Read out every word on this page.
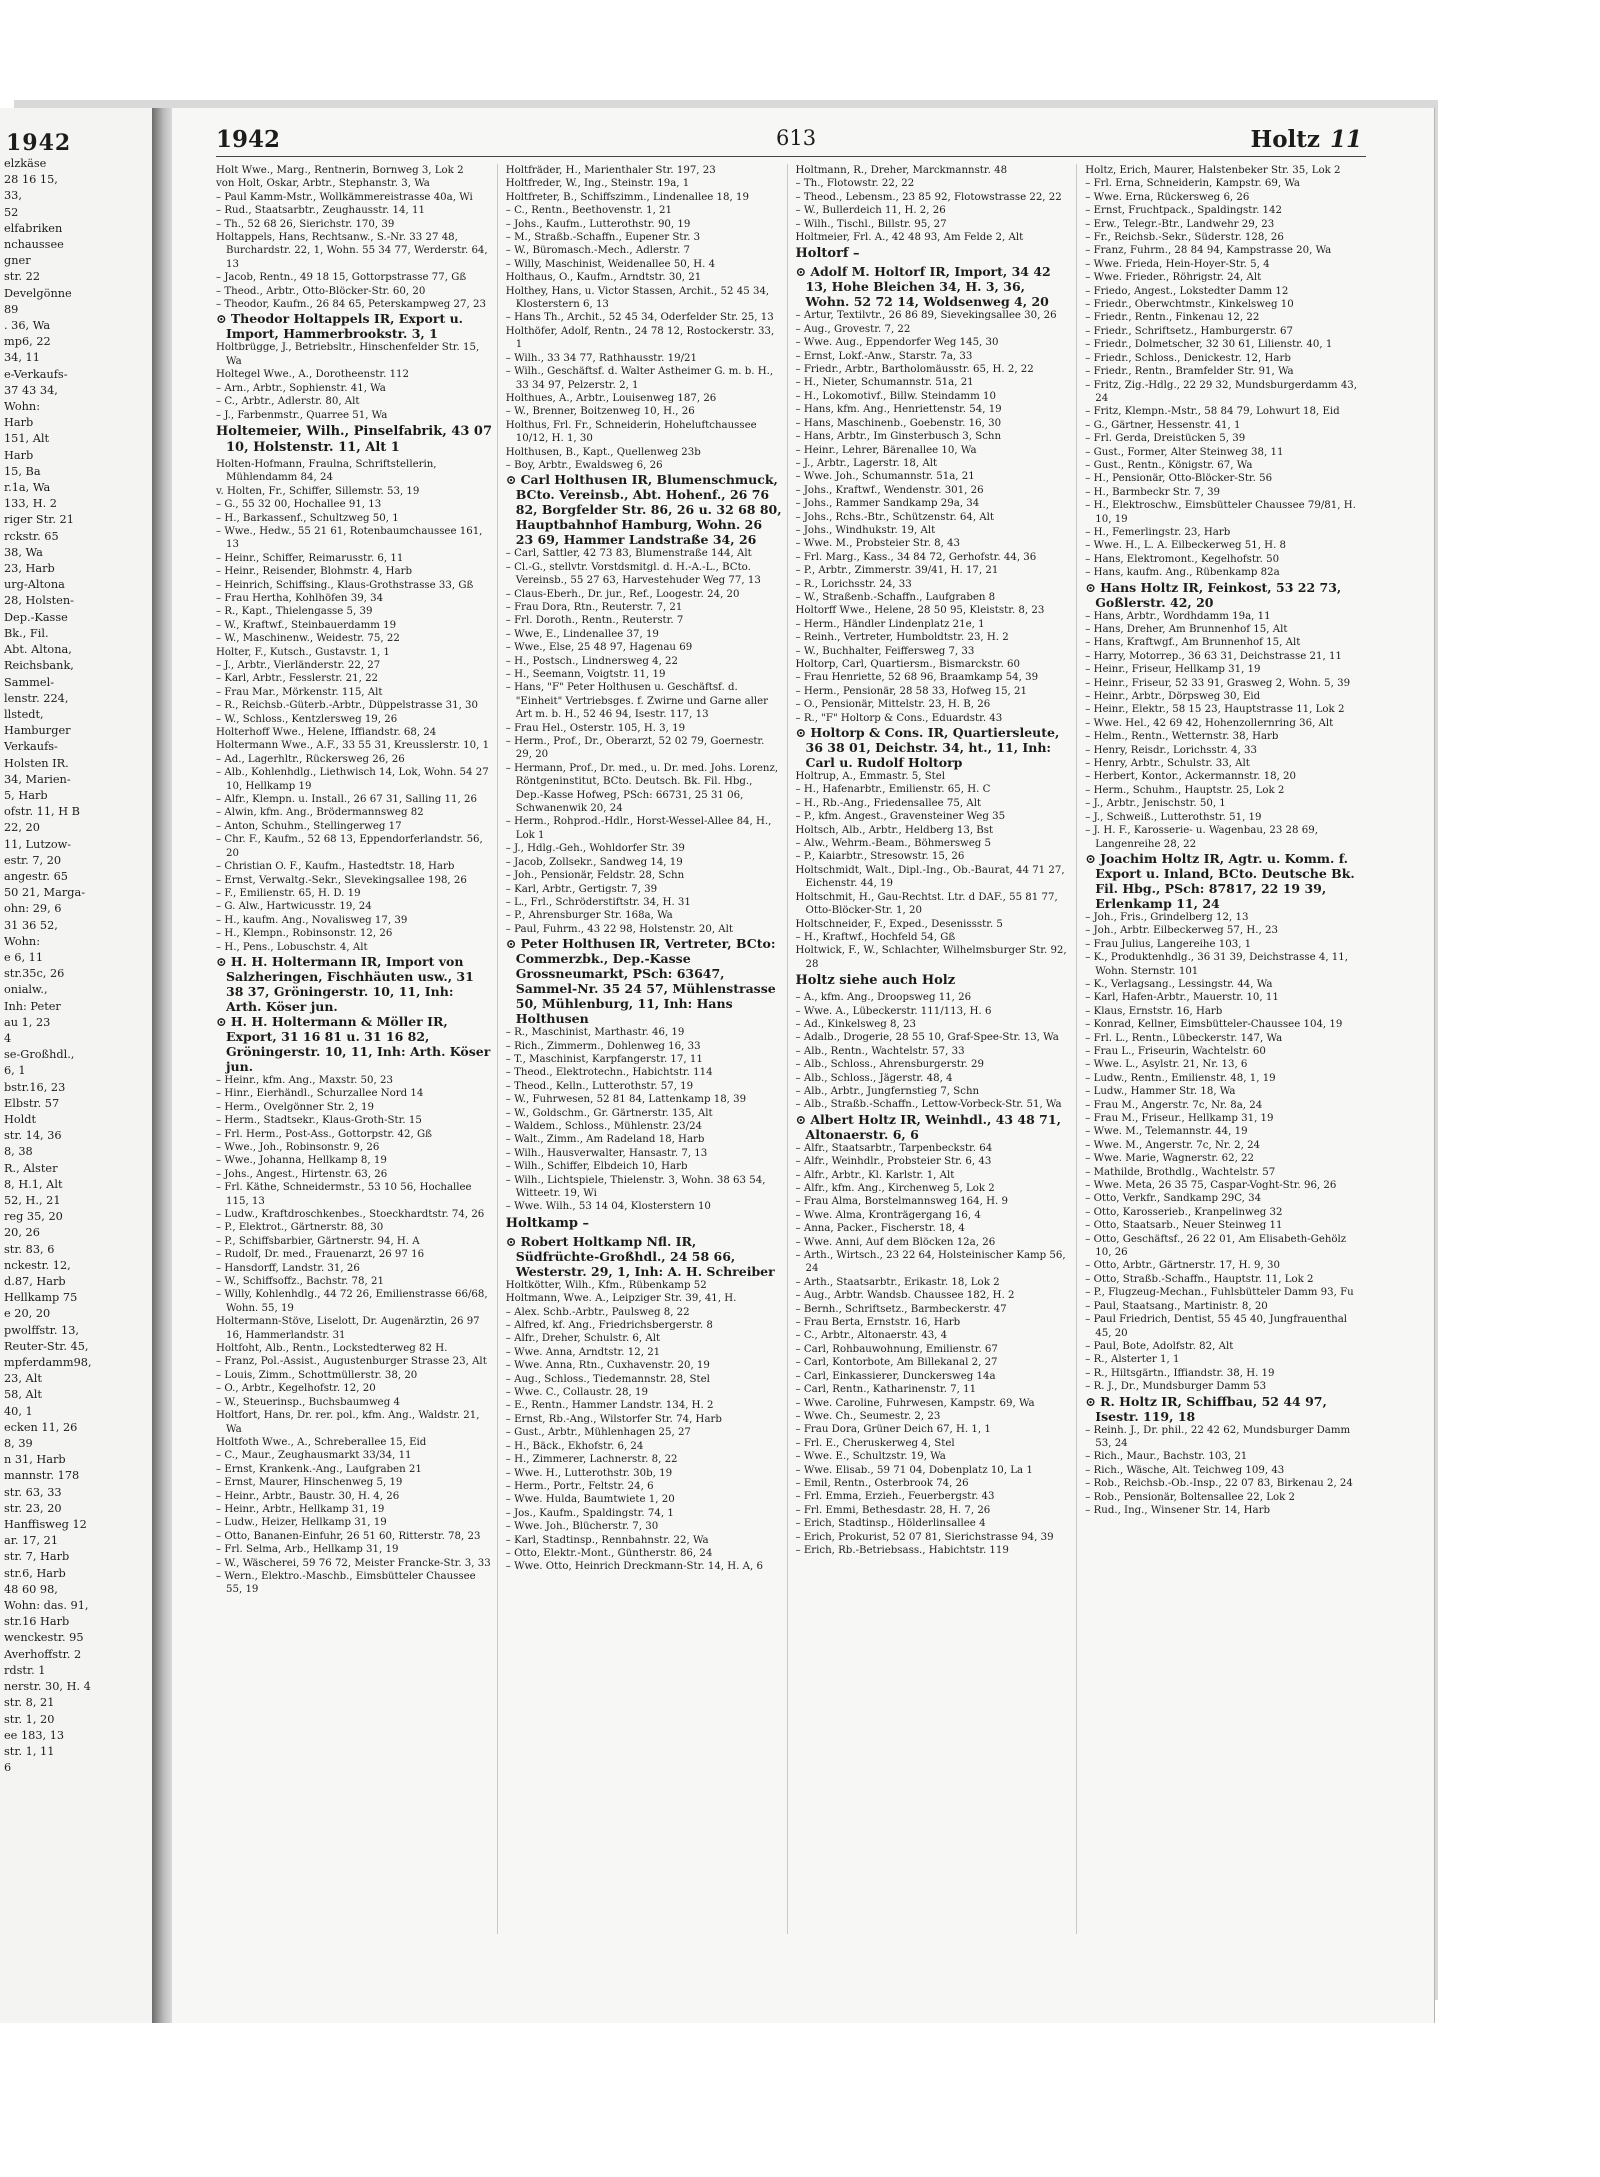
1942
elzkäse
28 16 15,
33,
52
elfabriken
nchaussee
gner
str. 22
Develgönne
89
. 36, Wa
mp6, 22
34, 11
e-Verkaufs-
37 43 34,
Wohn:
Harb
151, Alt
Harb
15, Ba
r.1a, Wa
133, H. 2
riger Str. 21
rckstr. 65
38, Wa
23, Harb
urg-Altona
28, Holsten-
Dep.-Kasse
Bk., Fil.
Abt. Altona,
Reichsbank,
Sammel-
lenstr. 224,
llstedt,
Hamburger
Verkaufs-
Holsten IR.
34, Marien-
5, Harb
ofstr. 11, H B
22, 20
11, Lutzow-
estr. 7, 20
angestr. 65
50 21, Marga-
ohn: 29, 6
31 36 52,
Wohn:
e 6, 11
str.35c, 26
onialw.,
Inh: Peter
au 1, 23
4
se-Großhdl.,
6, 1
bstr.16, 23
Elbstr. 57
Holdt
str. 14, 36
8, 38
R., Alster
8, H.1, Alt
52, H., 21
reg 35, 20
20, 26
str. 83, 6
nckestr. 12,
d.87, Harb
Hellkamp 75
e 20, 20
pwolffstr. 13,
Reuter-Str. 45,
mpferdamm98,
23, Alt
58, Alt
40, 1
ecken 11, 26
8, 39
n 31, Harb
mannstr. 178
str. 63, 33
str. 23, 20
Hanffisweg 12
ar. 17, 21
str. 7, Harb
str.6, Harb
48 60 98,
Wohn: das. 91,
str.16 Harb
wenckestr. 95
Averhoffstr. 2
rdstr. 1
nerstr. 30, H. 4
str. 8, 21
str. 1, 20
ee 183, 13
str. 1, 11
6
1942	613	Holtz 11

Holt Wwe., Marg., Rentnerin, Bornweg 3, Lok 2

von Holt, Oskar, Arbtr., Stephanstr. 3, Wa

– Paul Kamm-Mstr., Wollkämmereistrasse 40a, Wi

– Rud., Staatsarbtr., Zeughausstr. 14, 11

– Th., 52 68 26, Sierichstr. 170, 39

Holtappels, Hans, Rechtsanw., S.-Nr. 33 27 48, Burchardstr. 22, 1, Wohn. 55 34 77, Werderstr. 64, 13

– Jacob, Rentn., 49 18 15, Gottorpstrasse 77, Gß

– Theod., Arbtr., Otto-Blöcker-Str. 60, 20

– Theodor, Kaufm., 26 84 65, Peterskampweg 27, 23

⊙ Theodor Holtappels IR, Export u. Import, Hammerbrookstr. 3, 1

Holtbrügge, J., Betriebsltr., Hinschenfelder Str. 15, Wa

Holtegel Wwe., A., Dorotheenstr. 112

– Arn., Arbtr., Sophienstr. 41, Wa

– C., Arbtr., Adlerstr. 80, Alt

– J., Farbenmstr., Quarree 51, Wa

Holtemeier, Wilh., Pinselfabrik, 43 07 10, Holstenstr. 11, Alt 1

Holten-Hofmann, Fraulna, Schriftstellerin, Mühlendamm 84, 24

v. Holten, Fr., Schiffer, Sillemstr. 53, 19

– G., 55 32 00, Hochallee 91, 13

– H., Barkassenf., Schultzweg 50, 1

– Wwe., Hedw., 55 21 61, Rotenbaumchaussee 161, 13

– Heinr., Schiffer, Reimarusstr. 6, 11

– Heinr., Reisender, Blohmstr. 4, Harb

– Heinrich, Schiffsing., Klaus-Grothstrasse 33, Gß

– Frau Hertha, Kohlhöfen 39, 34

– R., Kapt., Thielengasse 5, 39

– W., Kraftwf., Steinbauerdamm 19

– W., Maschinenw., Weidestr. 75, 22

Holter, F., Kutsch., Gustavstr. 1, 1

– J., Arbtr., Vierländerstr. 22, 27

– Karl, Arbtr., Fesslerstr. 21, 22

– Frau Mar., Mörkenstr. 115, Alt

– R., Reichsb.-Güterb.-Arbtr., Düppelstrasse 31, 30

– W., Schloss., Kentzlersweg 19, 26

Holterhoff Wwe., Helene, Iffiandstr. 68, 24

Holtermann Wwe., A.F., 33 55 31, Kreusslerstr. 10, 1

– Ad., Lagerhltr., Rückersweg 26, 26

– Alb., Kohlenhdlg., Liethwisch 14, Lok, Wohn. 54 27 10, Hellkamp 19

– Alfr., Klempn. u. Install., 26 67 31, Salling 11, 26

– Alwin, kfm. Ang., Brödermannsweg 82

– Anton, Schuhm., Stellingerweg 17

– Chr. F., Kaufm., 52 68 13, Eppendorferlandstr. 56, 20

– Christian O. F., Kaufm., Hastedtstr. 18, Harb

– Ernst, Verwaltg.-Sekr., Slevekingsallee 198, 26

– F., Emilienstr. 65, H. D. 19

– G. Alw., Hartwicusstr. 19, 24

– H., kaufm. Ang., Novalisweg 17, 39

– H., Klempn., Robinsonstr. 12, 26

– H., Pens., Lobuschstr. 4, Alt

⊙ H. H. Holtermann IR, Import von Salzheringen, Fischhäuten usw., 31 38 37, Gröningerstr. 10, 11, Inh: Arth. Köser jun.

⊙ H. H. Holtermann & Möller IR, Export, 31 16 81 u. 31 16 82, Gröningerstr. 10, 11, Inh: Arth. Köser jun.

– Heinr., kfm. Ang., Maxstr. 50, 23

– Hinr., Eierhändl., Schurzallee Nord 14

– Herm., Ovelgönner Str. 2, 19

– Herm., Stadtsekr., Klaus-Groth-Str. 15

– Frl. Herm., Post-Ass., Gottorpstr. 42, Gß

– Wwe., Joh., Robinsonstr. 9, 26

– Wwe., Johanna, Hellkamp 8, 19

– Johs., Angest., Hirtenstr. 63, 26

– Frl. Käthe, Schneidermstr., 53 10 56, Hochallee 115, 13

– Ludw., Kraftdroschkenbes., Stoeckhardtstr. 74, 26

– P., Elektrot., Gärtnerstr. 88, 30

– P., Schiffsbarbier, Gärtnerstr. 94, H. A

– Rudolf, Dr. med., Frauenarzt, 26 97 16

– Hansdorff, Landstr. 31, 26

– W., Schiffsoffz., Bachstr. 78, 21

– Willy, Kohlenhdlg., 44 72 26, Emilienstrasse 66/68, Wohn. 55, 19

Holtermann-Stöve, Liselott, Dr. Augenärztin, 26 97 16, Hammerlandstr. 31

Holtfoht, Alb., Rentn., Lockstedterweg 82 H.

– Franz, Pol.-Assist., Augustenburger Strasse 23, Alt

– Louis, Zimm., Schottmüllerstr. 38, 20

– O., Arbtr., Kegelhofstr. 12, 20

– W., Steuerinsp., Buchsbaumweg 4

Holtfort, Hans, Dr. rer. pol., kfm. Ang., Waldstr. 21, Wa

Holtfoth Wwe., A., Schreberallee 15, Eid

– C., Maur., Zeughausmarkt 33/34, 11

– Ernst, Krankenk.-Ang., Laufgraben 21

– Ernst, Maurer, Hinschenweg 5, 19

– Heinr., Arbtr., Baustr. 30, H. 4, 26

– Heinr., Arbtr., Hellkamp 31, 19

– Ludw., Heizer, Hellkamp 31, 19

– Otto, Bananen-Einfuhr, 26 51 60, Ritterstr. 78, 23

– Frl. Selma, Arb., Hellkamp 31, 19

– W., Wäscherei, 59 76 72, Meister Francke-Str. 3, 33

– Wern., Elektro.-Maschb., Eimsbütteler Chaussee 55, 19

Holtfräder, H., Marienthaler Str. 197, 23

Holtfreder, W., Ing., Steinstr. 19a, 1

Holtfreter, B., Schiffszimm., Lindenallee 18, 19

– C., Rentn., Beethovenstr. 1, 21

– Johs., Kaufm., Lutterothstr. 90, 19

– M., Straßb.-Schaffn., Eupener Str. 3

– W., Büromasch.-Mech., Adlerstr. 7

– Willy, Maschinist, Weidenallee 50, H. 4

Holthaus, O., Kaufm., Arndtstr. 30, 21

Holthey, Hans, u. Victor Stassen, Archit., 52 45 34, Klosterstern 6, 13

– Hans Th., Archit., 52 45 34, Oderfelder Str. 25, 13

Holthöfer, Adolf, Rentn., 24 78 12, Rostockerstr. 33, 1

– Wilh., 33 34 77, Rathhausstr. 19/21

– Wilh., Geschäftsf. d. Walter Astheimer G. m. b. H., 33 34 97, Pelzerstr. 2, 1

Holthues, A., Arbtr., Louisenweg 187, 26

– W., Brenner, Boitzenweg 10, H., 26

Holthus, Frl. Fr., Schneiderin, Hoheluftchaussee 10/12, H. 1, 30

Holthusen, B., Kapt., Quellenweg 23b

– Boy, Arbtr., Ewaldsweg 6, 26

⊙ Carl Holthusen IR, Blumenschmuck, BCto. Vereinsb., Abt. Hohenf., 26 76 82, Borgfelder Str. 86, 26 u. 32 68 80, Hauptbahnhof Hamburg, Wohn. 26 23 69, Hammer Landstraße 34, 26

– Carl, Sattler, 42 73 83, Blumenstraße 144, Alt

– Cl.-G., stellvtr. Vorstdsmitgl. d. H.-A.-L., BCto. Vereinsb., 55 27 63, Harvestehuder Weg 77, 13

– Claus-Eberh., Dr. jur., Ref., Loogestr. 24, 20

– Frau Dora, Rtn., Reuterstr. 7, 21

– Frl. Doroth., Rentn., Reuterstr. 7

– Wwe, E., Lindenallee 37, 19

– Wwe., Else, 25 48 97, Hagenau 69

– H., Postsch., Lindnersweg 4, 22

– H., Seemann, Voigtstr. 11, 19

– Hans, "F" Peter Holthusen u. Geschäftsf. d. "Einheit" Vertriebsges. f. Zwirne und Garne aller Art m. b. H., 52 46 94, Isestr. 117, 13

– Frau Hel., Osterstr. 105, H. 3, 19

– Herm., Prof., Dr., Oberarzt, 52 02 79, Goernestr. 29, 20

– Hermann, Prof., Dr. med., u. Dr. med. Johs. Lorenz, Röntgeninstitut, BCto. Deutsch. Bk. Fil. Hbg., Dep.-Kasse Hofweg, PSch: 66731, 25 31 06, Schwanenwik 20, 24

– Herm., Rohprod.-Hdlr., Horst-Wessel-Allee 84, H., Lok 1

– J., Hdlg.-Geh., Wohldorfer Str. 39

– Jacob, Zollsekr., Sandweg 14, 19

– Joh., Pensionär, Feldstr. 28, Schn

– Karl, Arbtr., Gertigstr. 7, 39

– L., Frl., Schröderstiftstr. 34, H. 31

– P., Ahrensburger Str. 168a, Wa

– Paul, Fuhrm., 43 22 98, Holstenstr. 20, Alt

⊙ Peter Holthusen IR, Vertreter, BCto: Commerzbk., Dep.-Kasse Grossneumarkt, PSch: 63647, Sammel-Nr. 35 24 57, Mühlenstrasse 50, Mühlenburg, 11, Inh: Hans Holthusen

– R., Maschinist, Marthastr. 46, 19

– Rich., Zimmerm., Dohlenweg 16, 33

– T., Maschinist, Karpfangerstr. 17, 11

– Theod., Elektrotechn., Habichtstr. 114

– Theod., Kelln., Lutterothstr. 57, 19

– W., Fuhrwesen, 52 81 84, Lattenkamp 18, 39

– W., Goldschm., Gr. Gärtnerstr. 135, Alt

– Waldem., Schloss., Mühlenstr. 23/24

– Walt., Zimm., Am Radeland 18, Harb

– Wilh., Hausverwalter, Hansastr. 7, 13

– Wilh., Schiffer, Elbdeich 10, Harb

– Wilh., Lichtspiele, Thielenstr. 3, Wohn. 38 63 54, Witteetr. 19, Wi

– Wwe. Wilh., 53 14 04, Klosterstern 10

Holtkamp –

⊙ Robert Holtkamp Nfl. IR, Südfrüchte-Großhdl., 24 58 66, Westerstr. 29, 1, Inh: A. H. Schreiber

Holtkötter, Wilh., Kfm., Rübenkamp 52

Holtmann, Wwe. A., Leipziger Str. 39, 41, H.

– Alex. Schb.-Arbtr., Paulsweg 8, 22

– Alfred, kf. Ang., Friedrichsbergerstr. 8

– Alfr., Dreher, Schulstr. 6, Alt

– Wwe. Anna, Arndtstr. 12, 21

– Wwe. Anna, Rtn., Cuxhavenstr. 20, 19

– Aug., Schloss., Tiedemannstr. 28, Stel

– Wwe. C., Collaustr. 28, 19

– E., Rentn., Hammer Landstr. 134, H. 2

– Ernst, Rb.-Ang., Wilstorfer Str. 74, Harb

– Gust., Arbtr., Mühlenhagen 25, 27

– H., Bäck., Ekhofstr. 6, 24

– H., Zimmerer, Lachnerstr. 8, 22

– Wwe. H., Lutterothstr. 30b, 19

– Herm., Portr., Feltstr. 24, 6

– Wwe. Hulda, Baumtwiete 1, 20

– Jos., Kaufm., Spaldingstr. 74, 1

– Wwe. Joh., Blücherstr. 7, 30

– Karl, Stadtinsp., Rennbahnstr. 22, Wa

– Otto, Elektr.-Mont., Güntherstr. 86, 24

– Wwe. Otto, Heinrich Dreckmann-Str. 14, H. A, 6

Holtmann, R., Dreher, Marckmannstr. 48

– Th., Flotowstr. 22, 22

– Theod., Lebensm., 23 85 92, Flotowstrasse 22, 22

– W., Bullerdeich 11, H. 2, 26

– Wilh., Tischl., Billstr. 95, 27

Holtmeier, Frl. A., 42 48 93, Am Felde 2, Alt

Holtorf –

⊙ Adolf M. Holtorf IR, Import, 34 42 13, Hohe Bleichen 34, H. 3, 36, Wohn. 52 72 14, Woldsenweg 4, 20

– Artur, Textilvtr., 26 86 89, Sievekingsallee 30, 26

– Aug., Grovestr. 7, 22

– Wwe. Aug., Eppendorfer Weg 145, 30

– Ernst, Lokf.-Anw., Starstr. 7a, 33

– Friedr., Arbtr., Bartholomäusstr. 65, H. 2, 22

– H., Nieter, Schumannstr. 51a, 21

– H., Lokomotivf., Billw. Steindamm 10

– Hans, kfm. Ang., Henriettenstr. 54, 19

– Hans, Maschinenb., Goebenstr. 16, 30

– Hans, Arbtr., Im Ginsterbusch 3, Schn

– Heinr., Lehrer, Bärenallee 10, Wa

– J., Arbtr., Lagerstr. 18, Alt

– Wwe. Joh., Schumannstr. 51a, 21

– Johs., Kraftwf., Wendenstr. 301, 26

– Johs., Rammer Sandkamp 29a, 34

– Johs., Rchs.-Btr., Schützenstr. 64, Alt

– Johs., Windhukstr. 19, Alt

– Wwe. M., Probsteier Str. 8, 43

– Frl. Marg., Kass., 34 84 72, Gerhofstr. 44, 36

– P., Arbtr., Zimmerstr. 39/41, H. 17, 21

– R., Lorichsstr. 24, 33

– W., Straßenb.-Schaffn., Laufgraben 8

Holtorff Wwe., Helene, 28 50 95, Kleiststr. 8, 23

– Herm., Händler Lindenplatz 21e, 1

– Reinh., Vertreter, Humboldtstr. 23, H. 2

– W., Buchhalter, Feiffersweg 7, 33

Holtorp, Carl, Quartiersm., Bismarckstr. 60

– Frau Henriette, 52 68 96, Braamkamp 54, 39

– Herm., Pensionär, 28 58 33, Hofweg 15, 21

– O., Pensionär, Mittelstr. 23, H. B, 26

– R., "F" Holtorp & Cons., Eduardstr. 43

⊙ Holtorp & Cons. IR, Quartiersleute, 36 38 01, Deichstr. 34, ht., 11, Inh: Carl u. Rudolf Holtorp

Holtrup, A., Emmastr. 5, Stel

– H., Hafenarbtr., Emilienstr. 65, H. C

– H., Rb.-Ang., Friedensallee 75, Alt

– P., kfm. Angest., Gravensteiner Weg 35

Holtsch, Alb., Arbtr., Heldberg 13, Bst

– Alw., Wehrm.-Beam., Böhmersweg 5

– P., Kaiarbtr., Stresowstr. 15, 26

Holtschmidt, Walt., Dipl.-Ing., Ob.-Baurat, 44 71 27, Eichenstr. 44, 19

Holtschmit, H., Gau-Rechtst. Ltr. d DAF., 55 81 77, Otto-Blöcker-Str. 1, 20

Holtschneider, F., Exped., Desenissstr. 5

– H., Kraftwf., Hochfeld 54, Gß

Holtwick, F., W., Schlachter, Wilhelmsburger Str. 92, 28

Holtz siehe auch Holz

– A., kfm. Ang., Droopsweg 11, 26

– Wwe. A., Lübeckerstr. 111/113, H. 6

– Ad., Kinkelsweg 8, 23

– Adalb., Drogerie, 28 55 10, Graf-Spee-Str. 13, Wa

– Alb., Rentn., Wachtelstr. 57, 33

– Alb., Schloss., Ahrensburgerstr. 29

– Alb., Schloss., Jägerstr. 48, 4

– Alb., Arbtr., Jungfernstieg 7, Schn

– Alb., Straßb.-Schaffn., Lettow-Vorbeck-Str. 51, Wa

⊙ Albert Holtz IR, Weinhdl., 43 48 71, Altonaerstr. 6, 6

– Alfr., Staatsarbtr., Tarpenbeckstr. 64

– Alfr., Weinhdlr., Probsteier Str. 6, 43

– Alfr., Arbtr., Kl. Karlstr. 1, Alt

– Alfr., kfm. Ang., Kirchenweg 5, Lok 2

– Frau Alma, Borstelmannsweg 164, H. 9

– Wwe. Alma, Kronträgergang 16, 4

– Anna, Packer., Fischerstr. 18, 4

– Wwe. Anni, Auf dem Blöcken 12a, 26

– Arth., Wirtsch., 23 22 64, Holsteinischer Kamp 56, 24

– Arth., Staatsarbtr., Erikastr. 18, Lok 2

– Aug., Arbtr. Wandsb. Chaussee 182, H. 2

– Bernh., Schriftsetz., Barmbeckerstr. 47

– Frau Berta, Ernststr. 16, Harb

– C., Arbtr., Altonaerstr. 43, 4

– Carl, Rohbauwohnung, Emilienstr. 67

– Carl, Kontorbote, Am Billekanal 2, 27

– Carl, Einkassierer, Dunckersweg 14a

– Carl, Rentn., Katharinenstr. 7, 11

– Wwe. Caroline, Fuhrwesen, Kampstr. 69, Wa

– Wwe. Ch., Seumestr. 2, 23

– Frau Dora, Grüner Deich 67, H. 1, 1

– Frl. E., Cheruskerweg 4, Stel

– Wwe. E., Schultzstr. 19, Wa

– Wwe. Elisab., 59 71 04, Dobenplatz 10, La 1

– Emil, Rentn., Osterbrook 74, 26

– Frl. Emma, Erzieh., Feuerbergstr. 43

– Frl. Emmi, Bethesdastr. 28, H. 7, 26

– Erich, Stadtinsp., Hölderlinsallee 4

– Erich, Prokurist, 52 07 81, Sierichstrasse 94, 39

– Erich, Rb.-Betriebsass., Habichtstr. 119

Holtz, Erich, Maurer, Halstenbeker Str. 35, Lok 2

– Frl. Erna, Schneiderin, Kampstr. 69, Wa

– Wwe. Erna, Rückersweg 6, 26

– Ernst, Fruchtpack., Spaldingstr. 142

– Erw., Telegr.-Btr., Landwehr 29, 23

– Fr., Reichsb.-Sekr., Süderstr. 128, 26

– Franz, Fuhrm., 28 84 94, Kampstrasse 20, Wa

– Wwe. Frieda, Hein-Hoyer-Str. 5, 4

– Wwe. Frieder., Röhrigstr. 24, Alt

– Friedo, Angest., Lokstedter Damm 12

– Friedr., Oberwchtmstr., Kinkelsweg 10

– Friedr., Rentn., Finkenau 12, 22

– Friedr., Schriftsetz., Hamburgerstr. 67

– Friedr., Dolmetscher, 32 30 61, Lilienstr. 40, 1

– Friedr., Schloss., Denickestr. 12, Harb

– Friedr., Rentn., Bramfelder Str. 91, Wa

– Fritz, Zig.-Hdlg., 22 29 32, Mundsburgerdamm 43, 24

– Fritz, Klempn.-Mstr., 58 84 79, Lohwurt 18, Eid

– G., Gärtner, Hessenstr. 41, 1

– Frl. Gerda, Dreistücken 5, 39

– Gust., Former, Alter Steinweg 38, 11

– Gust., Rentn., Königstr. 67, Wa

– H., Pensionär, Otto-Blöcker-Str. 56

– H., Barmbeckr Str. 7, 39

– H., Elektroschw., Eimsbütteler Chaussee 79/81, H. 10, 19

– H., Femerlingstr. 23, Harb

– Wwe. H., L. A. Eilbeckerweg 51, H. 8

– Hans, Elektromont., Kegelhofstr. 50

– Hans, kaufm. Ang., Rübenkamp 82a

⊙ Hans Holtz IR, Feinkost, 53 22 73, Goßlerstr. 42, 20

– Hans, Arbtr., Wordhdamm 19a, 11

– Hans, Dreher, Am Brunnenhof 15, Alt

– Hans, Kraftwgf., Am Brunnenhof 15, Alt

– Harry, Motorrep., 36 63 31, Deichstrasse 21, 11

– Heinr., Friseur, Hellkamp 31, 19

– Heinr., Friseur, 52 33 91, Grasweg 2, Wohn. 5, 39

– Heinr., Arbtr., Dörpsweg 30, Eid

– Heinr., Elektr., 58 15 23, Hauptstrasse 11, Lok 2

– Wwe. Hel., 42 69 42, Hohenzollernring 36, Alt

– Helm., Rentn., Wetternstr. 38, Harb

– Henry, Reisdr., Lorichsstr. 4, 33

– Henry, Arbtr., Schulstr. 33, Alt

– Herbert, Kontor., Ackermannstr. 18, 20

– Herm., Schuhm., Hauptstr. 25, Lok 2

– J., Arbtr., Jenischstr. 50, 1

– J., Schweiß., Lutterothstr. 51, 19

– J. H. F., Karosserie- u. Wagenbau, 23 28 69, Langenreihe 28, 22

⊙ Joachim Holtz IR, Agtr. u. Komm. f. Export u. Inland, BCto. Deutsche Bk. Fil. Hbg., PSch: 87817, 22 19 39, Erlenkamp 11, 24

– Joh., Fris., Grindelberg 12, 13

– Joh., Arbtr. Eilbeckerweg 57, H., 23

– Frau Julius, Langereihe 103, 1

– K., Produktenhdlg., 36 31 39, Deichstrasse 4, 11, Wohn. Sternstr. 101

– K., Verlagsang., Lessingstr. 44, Wa

– Karl, Hafen-Arbtr., Mauerstr. 10, 11

– Klaus, Ernststr. 16, Harb

– Konrad, Kellner, Eimsbütteler-Chaussee 104, 19

– Frl. L., Rentn., Lübeckerstr. 147, Wa

– Frau L., Friseurin, Wachtelstr. 60

– Wwe. L., Asylstr. 21, Nr. 13, 6

– Ludw., Rentn., Emilienstr. 48, 1, 19

– Ludw., Hammer Str. 18, Wa

– Frau M., Angerstr. 7c, Nr. 8a, 24

– Frau M., Friseur., Hellkamp 31, 19

– Wwe. M., Telemannstr. 44, 19

– Wwe. M., Angerstr. 7c, Nr. 2, 24

– Wwe. Marie, Wagnerstr. 62, 22

– Mathilde, Brothdlg., Wachtelstr. 57

– Wwe. Meta, 26 35 75, Caspar-Voght-Str. 96, 26

– Otto, Verkfr., Sandkamp 29C, 34

– Otto, Karosserieb., Kranpelinweg 32

– Otto, Staatsarb., Neuer Steinweg 11

– Otto, Geschäftsf., 26 22 01, Am Elisabeth-Gehölz 10, 26

– Otto, Arbtr., Gärtnerstr. 17, H. 9, 30

– Otto, Straßb.-Schaffn., Hauptstr. 11, Lok 2

– P., Flugzeug-Mechan., Fuhlsbütteler Damm 93, Fu

– Paul, Staatsang., Martinistr. 8, 20

– Paul Friedrich, Dentist, 55 45 40, Jungfrauenthal 45, 20

– Paul, Bote, Adolfstr. 82, Alt

– R., Alsterter 1, 1

– R., Hiltsgärtn., Iffiandstr. 38, H. 19

– R. J., Dr., Mundsburger Damm 53

⊙ R. Holtz IR, Schiffbau, 52 44 97, Isestr. 119, 18

– Reinh. J., Dr. phil., 22 42 62, Mundsburger Damm 53, 24

– Rich., Maur., Bachstr. 103, 21

– Rich., Wäsche, Alt. Teichweg 109, 43

– Rob., Reichsb.-Ob.-Insp., 22 07 83, Birkenau 2, 24

– Rob., Pensionär, Boltensallee 22, Lok 2

– Rud., Ing., Winsener Str. 14, Harb
